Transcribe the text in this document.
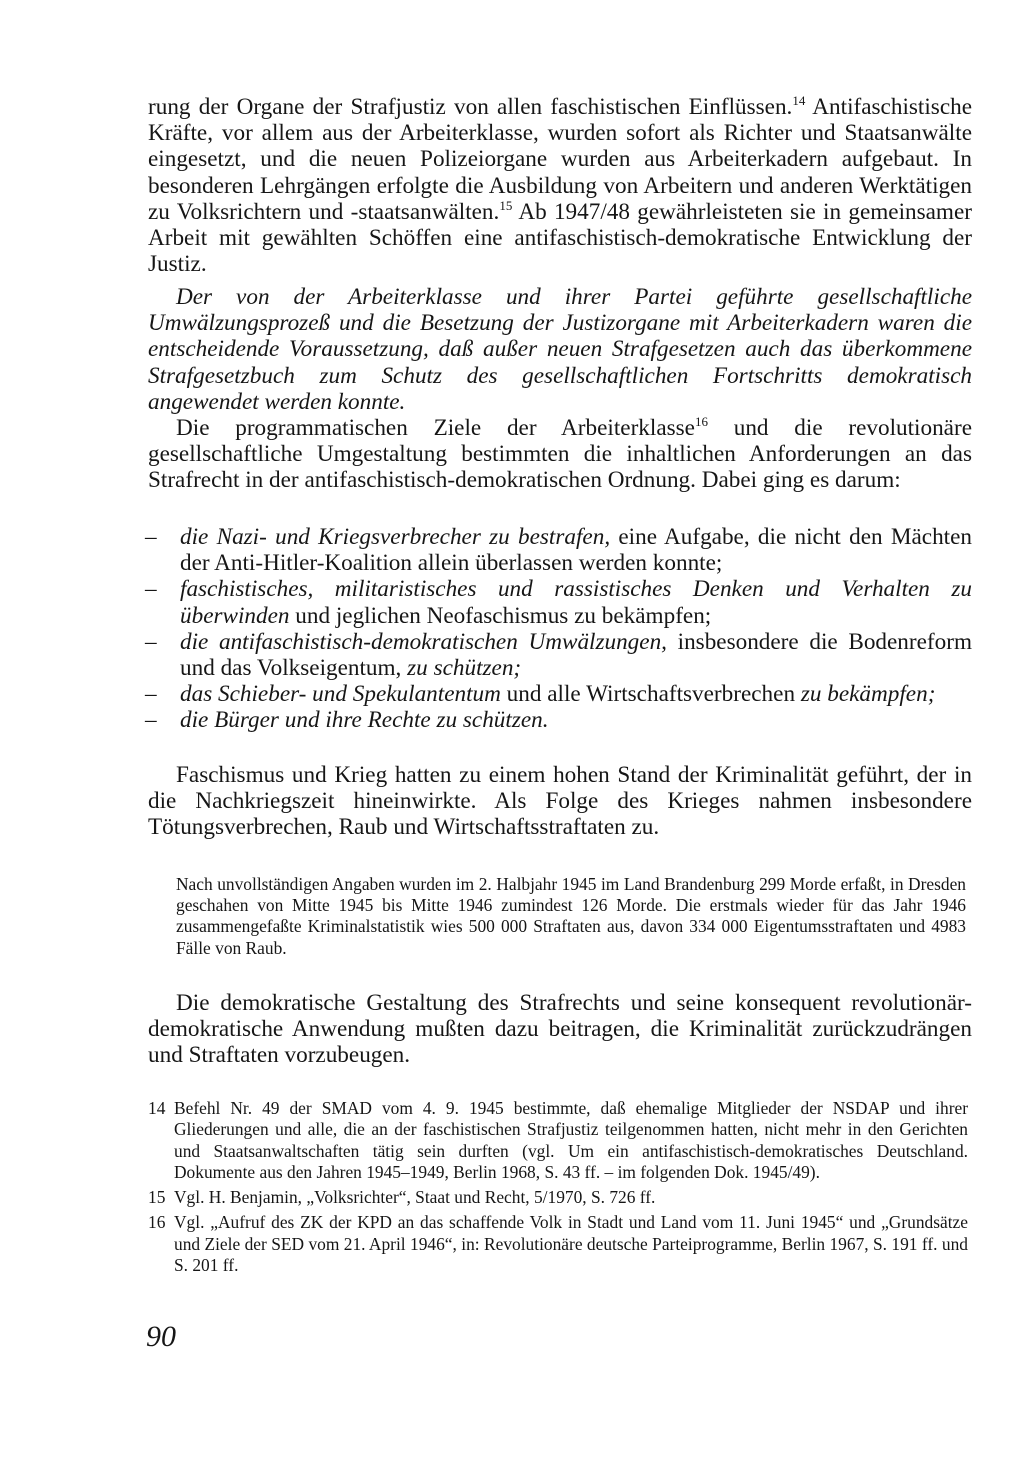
rung der Organe der Strafjustiz von allen faschistischen Einflüssen.$^{14}$ Antifaschistische Kräfte, vor allem aus der Arbeiterklasse, wurden sofort als Richter und Staatsanwälte eingesetzt, und die neuen Polizeiorgane wurden aus Arbeiterkadern aufgebaut. In besonderen Lehrgängen erfolgte die Ausbildung von Arbeitern und anderen Werktätigen zu Volksrichtern und -staatsanwälten.$^{15}$ Ab 1947/48 gewährleisteten sie in gemeinsamer Arbeit mit gewählten Schöffen eine antifaschistisch-demokratische Entwicklung der Justiz.

Der von der Arbeiterklasse und ihrer Partei geführte gesellschaftliche Umwälzungsprozeß und die Besetzung der Justizorgane mit Arbeiterkadern waren die entscheidende Voraussetzung, daß außer neuen Strafgesetzen auch das überkommene Strafgesetzbuch zum Schutz des gesellschaftlichen Fortschritts demokratisch angewendet werden konnte.

Die programmatischen Ziele der Arbeiterklasse$^{16}$ und die revolutionäre gesellschaftliche Umgestaltung bestimmten die inhaltlichen Anforderungen an das Strafrecht in der antifaschistisch-demokratischen Ordnung. Dabei ging es darum:

– die Nazi- und Kriegsverbrecher zu bestrafen, eine Aufgabe, die nicht den Mächten der Anti-Hitler-Koalition allein überlassen werden konnte;
– faschistisches, militaristisches und rassistisches Denken und Verhalten zu überwinden und jeglichen Neofaschismus zu bekämpfen;
– die antifaschistisch-demokratischen Umwälzungen, insbesondere die Bodenreform und das Volkseigentum, zu schützen;
– das Schieber- und Spekulantentum und alle Wirtschaftsverbrechen zu bekämpfen;
– die Bürger und ihre Rechte zu schützen.

Faschismus und Krieg hatten zu einem hohen Stand der Kriminalität geführt, der in die Nachkriegszeit hineinwirkte. Als Folge des Krieges nahmen insbesondere Tötungsverbrechen, Raub und Wirtschaftsstraftaten zu.

Nach unvollständigen Angaben wurden im 2. Halbjahr 1945 im Land Brandenburg 299 Morde erfaßt, in Dresden geschahen von Mitte 1945 bis Mitte 1946 zumindest 126 Morde. Die erstmals wieder für das Jahr 1946 zusammengefaßte Kriminalstatistik wies 500 000 Straftaten aus, davon 334 000 Eigentumsstraftaten und 4983 Fälle von Raub.

Die demokratische Gestaltung des Strafrechts und seine konsequent revolutionär-demokratische Anwendung mußten dazu beitragen, die Kriminalität zurückzudrängen und Straftaten vorzubeugen.

14 Befehl Nr. 49 der SMAD vom 4. 9. 1945 bestimmte, daß ehemalige Mitglieder der NSDAP und ihrer Gliederungen und alle, die an der faschistischen Strafjustiz teilgenommen hatten, nicht mehr in den Gerichten und Staatsanwaltschaften tätig sein durften (vgl. Um ein antifaschistisch-demokratisches Deutschland. Dokumente aus den Jahren 1945–1949, Berlin 1968, S. 43 ff. – im folgenden Dok. 1945/49).

15 Vgl. H. Benjamin, „Volksrichter“, Staat und Recht, 5/1970, S. 726 ff.

16 Vgl. „Aufruf des ZK der KPD an das schaffende Volk in Stadt und Land vom 11. Juni 1945“ und „Grundsätze und Ziele der SED vom 21. April 1946“, in: Revolutionäre deutsche Parteiprogramme, Berlin 1967, S. 191 ff. und S. 201 ff.

90
